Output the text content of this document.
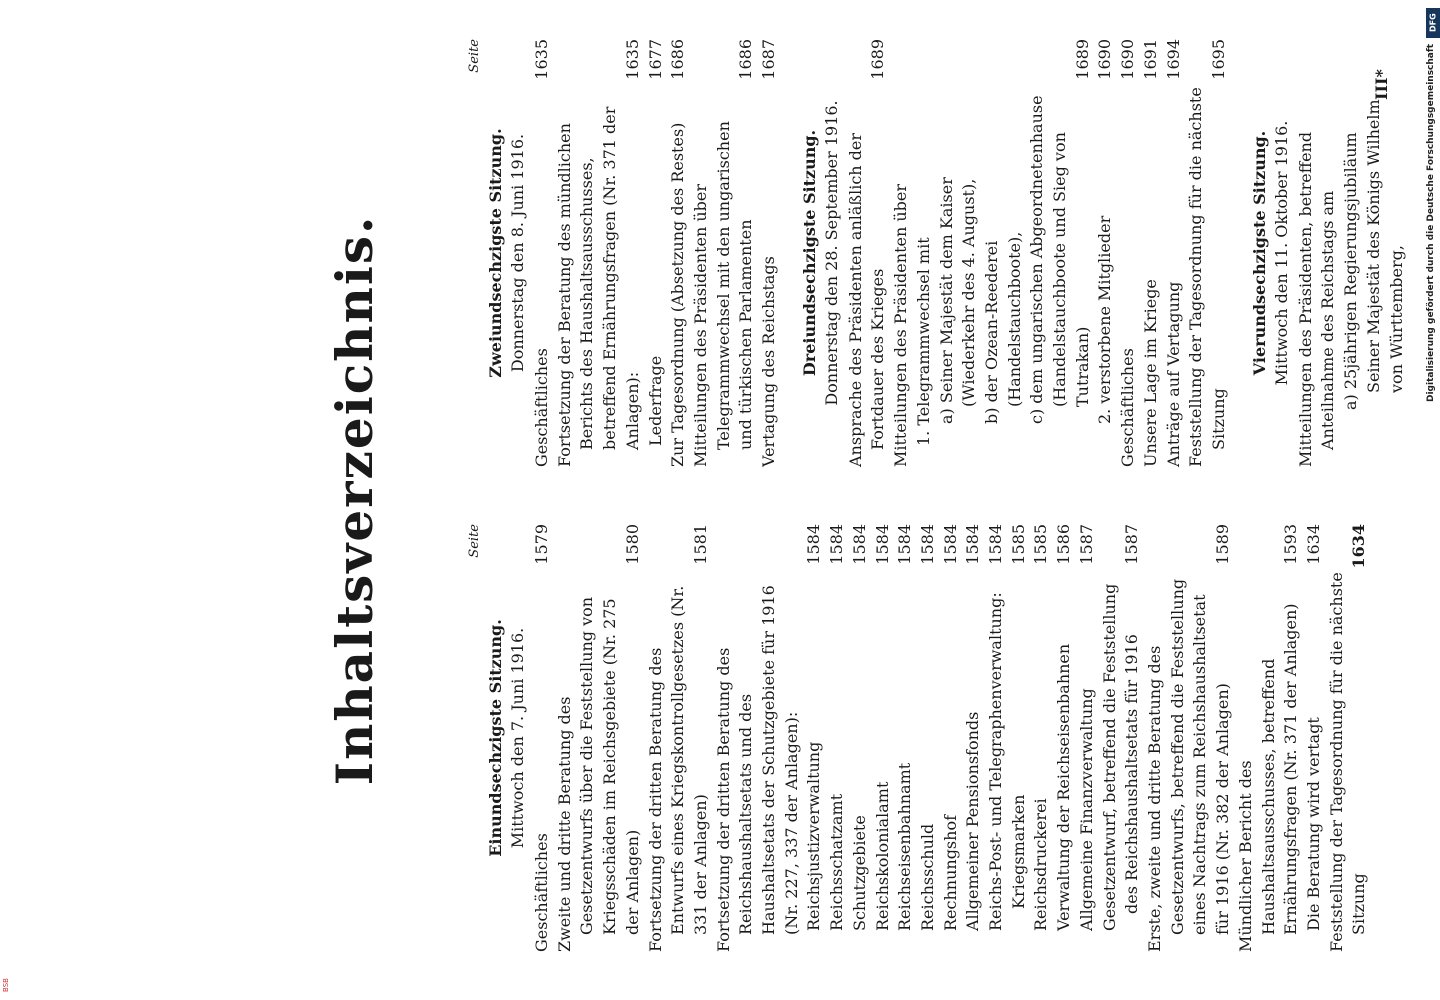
Inhaltsverzeichnis.	Seite
Einundsechzigste Sitzung. Mittwoch den 7. Juni 1916.
Geschäftliches
1579
Zweite und dritte Beratung des Gesetzentwurfs über die Feststellung von Kriegsschäden im Reichsgebiete (Nr. 275 der Anlagen)
1580
Fortsetzung der dritten Beratung des Entwurfs eines Kriegskontrollgesetzes (Nr. 331 der Anlagen)
1581
Fortsetzung der dritten Beratung des Reichshaushaltsetats und des Haushaltsetats der Schutzgebiete für 1916 (Nr. 227, 337 der Anlagen): Reichsjustizverwaltung
1584
Reichsschatzamt
1584
Schutzgebiete
1584
Reichskolonialamt
1584
Reichseisenbahnamt
1584
Reichsschuld
1584
Rechnungshof
1584
Allgemeiner Pensionsfonds
1584
Reichs-Post- und Telegraphenverwaltung:
1584
Kriegsmarken
1585
Reichsdruckerei
1585
Verwaltung der Reichseisenbahnen
1586
Allgemeine Finanzverwaltung
1587
Gesetzentwurf, betreffend die Feststellung des Reichshaushaltsetats für 1916
1587
Erste, zweite und dritte Beratung des Gesetzentwurfs, betreffend die Feststellung eines Nachtrags zum Reichshaushaltsetat für 1916 (Nr. 382 der Anlagen)
1589
Mündlicher Bericht des Haushaltsausschusses, betreffend Ernährungsfragen (Nr. 371 der Anlagen)
1593
Die Beratung wird vertagt
1634
Feststellung der Tagesordnung für die nächste Sitzung
1634
Seite
Zweiundsechzigste Sitzung. Donnerstag den 8. Juni 1916.
Geschäftliches
1635
Fortsetzung der Beratung des mündlichen Berichts des Haushaltsausschusses, betreffend Ernährungsfragen (Nr. 371 der Anlagen):
1635
Lederfrage
1677
Zur Tagesordnung (Absetzung des Restes)
1686
Mitteilungen des Präsidenten über Telegrammwechsel mit den ungarischen und türkischen Parlamenten
1686
Vertagung des Reichstags
1687
Dreiundsechzigste Sitzung. Donnerstag den 28. September 1916. Ansprache des Präsidenten anläßlich der Fortdauer des Krieges
1689
Mitteilungen des Präsidenten über 1. Telegrammwechsel mit a) Seiner Majestät dem Kaiser (Wiederkehr des 4. August), b) der Ozean-Reederei (Handelstauchboote), c) dem ungarischen Abgeordnetenhause (Handelstauchboote und Sieg von Tutrakan)
1689
2. verstorbene Mitglieder
1690
Geschäftliches
1690
Unsere Lage im Kriege
1691
Anträge auf Vertagung
1694
Feststellung der Tagesordnung für die nächste Sitzung
1695
Vierundsechzigste Sitzung. Mittwoch den 11. Oktober 1916. Mitteilungen des Präsidenten, betreffend Anteilnahme des Reichstags am a) 25jährigen Regierungsjubiläum Seiner Majestät des Königs Wilhelm von Württemberg,
III*
DFG
Digitalisierung gefördert durch die Deutsche Forschungsgemeinschaft
BSB
